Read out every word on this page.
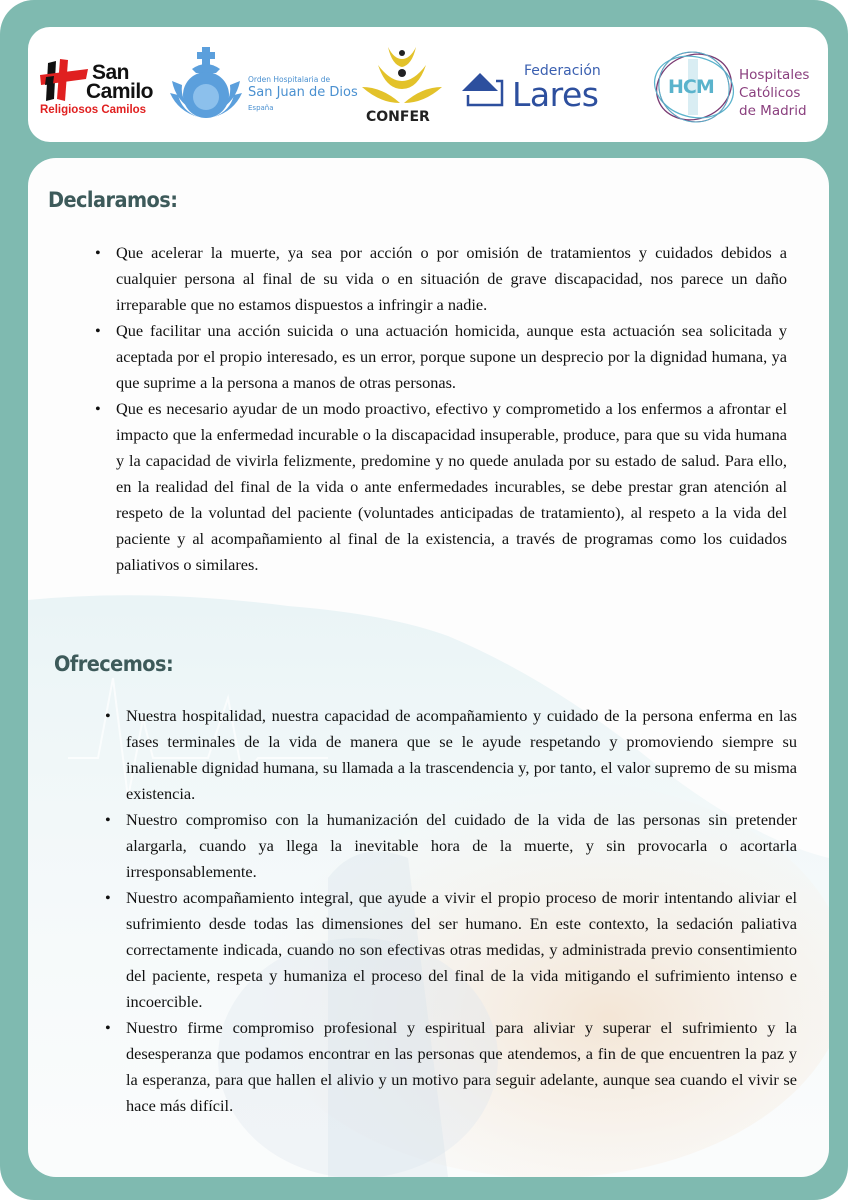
San
Camilo
Religiosos Camilos
Orden Hospitalaria de
San Juan de Dios
España
CONFER
Federación
Lares	HCM
Hospitales
Católicos
de Madrid
Declaramos:
• Que acelerar la muerte, ya sea por acción o por omisión de tratamientos y cuidados debidos a cualquier persona al final de su vida o en situación de grave discapacidad, nos parece un daño irreparable que no estamos dispuestos a infringir a nadie.
• Que facilitar una acción suicida o una actuación homicida, aunque esta actuación sea solicitada y aceptada por el propio interesado, es un error, porque supone un desprecio por la dignidad humana, ya que suprime a la persona a manos de otras personas.
• Que es necesario ayudar de un modo proactivo, efectivo y comprometido a los enfermos a afrontar el impacto que la enfermedad incurable o la discapacidad insuperable, produce, para que su vida humana y la capacidad de vivirla felizmente, predomine y no quede anulada por su estado de salud. Para ello, en la realidad del final de la vida o ante enfermedades incurables, se debe prestar gran atención al respeto de la voluntad del paciente (voluntades anticipadas de tratamiento), al respeto a la vida del paciente y al acompañamiento al final de la existencia, a través de programas como los cuidados paliativos o similares.
Ofrecemos:
• Nuestra hospitalidad, nuestra capacidad de acompañamiento y cuidado de la persona enferma en las fases terminales de la vida de manera que se le ayude respetando y promoviendo siempre su inalienable dignidad humana, su llamada a la trascendencia y, por tanto, el valor supremo de su misma existencia.
• Nuestro compromiso con la humanización del cuidado de la vida de las personas sin pretender alargarla, cuando ya llega la inevitable hora de la muerte, y sin provocarla o acortarla irresponsablemente.
• Nuestro acompañamiento integral, que ayude a vivir el propio proceso de morir intentando aliviar el sufrimiento desde todas las dimensiones del ser humano. En este contexto, la sedación paliativa correctamente indicada, cuando no son efectivas otras medidas, y administrada previo consentimiento del paciente, respeta y humaniza el proceso del final de la vida mitigando el sufrimiento intenso e incoercible.
• Nuestro firme compromiso profesional y espiritual para aliviar y superar el sufrimiento y la desesperanza que podamos encontrar en las personas que atendemos, a fin de que encuentren la paz y la esperanza, para que hallen el alivio y un motivo para seguir adelante, aunque sea cuando el vivir se hace más difícil.
